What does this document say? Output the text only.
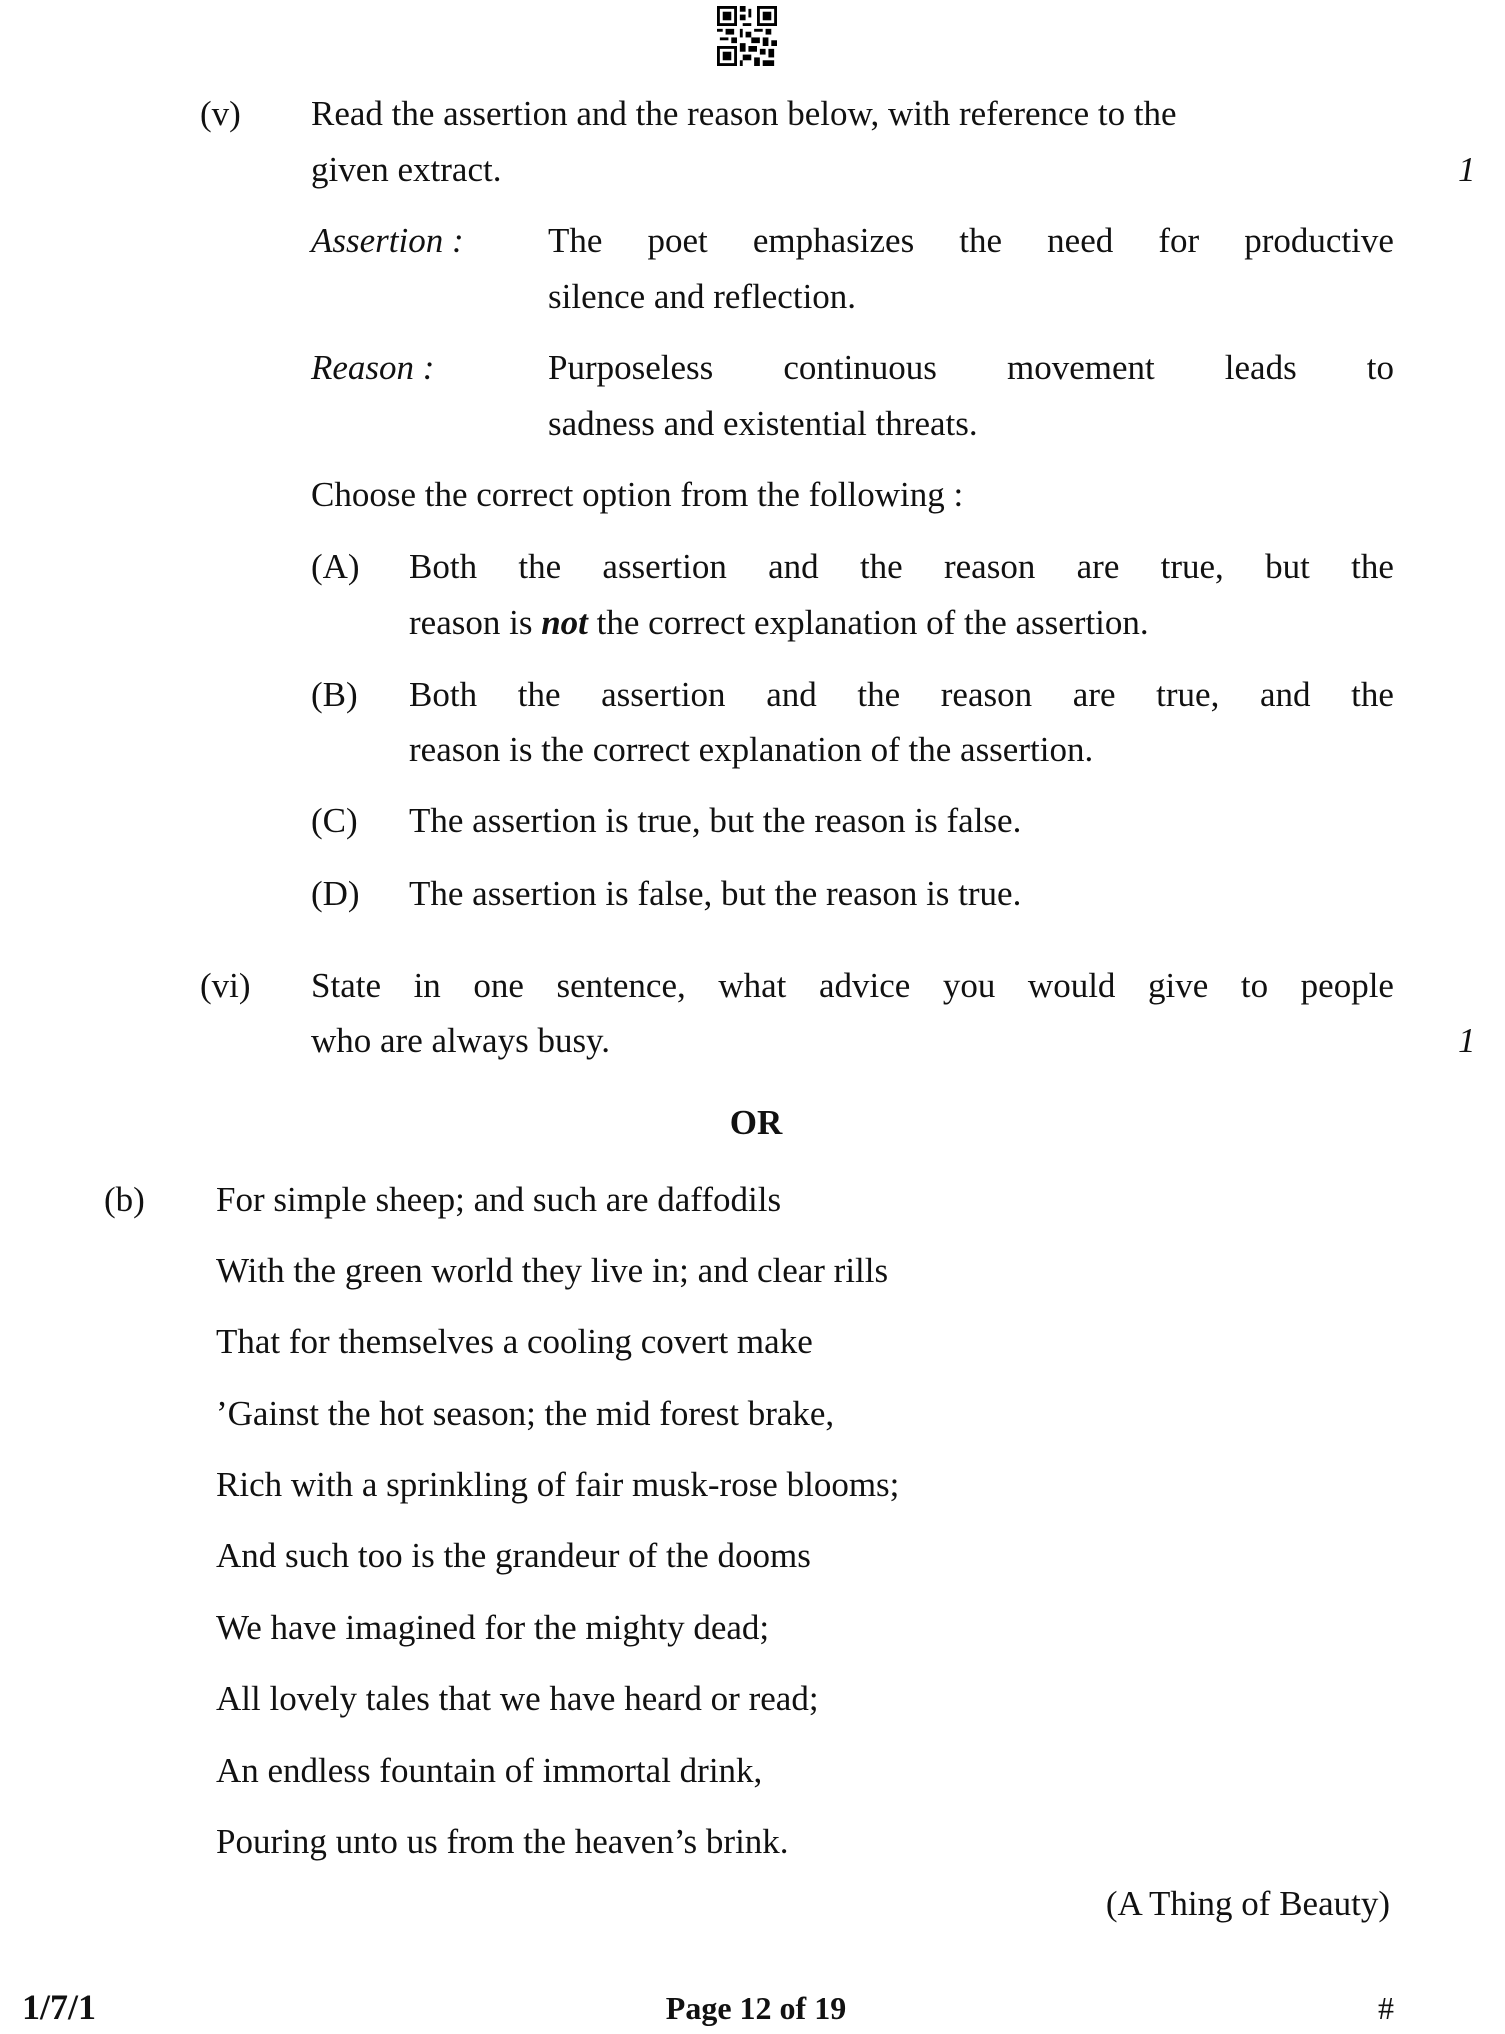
(v) Read the assertion and the reason below, with reference to the
given extract.	1
Assertion : The poet emphasizes the need for productive
silence and reflection.
Reason :	Purposeless continuous movement leads to
sadness and existential threats.
Choose the correct option from the following :
(A) Both the assertion and the reason are true, but the
reason is not the correct explanation of the assertion.
(B) Both the assertion and the reason are true, and the
reason is the correct explanation of the assertion.
(C) The assertion is true, but the reason is false.
(D) The assertion is false, but the reason is true.
(vi) State in one sentence, what advice you would give to people
who are always busy.	1
OR
(b) For simple sheep; and such are daffodils
With the green world they live in; and clear rills
That for themselves a cooling covert make
’Gainst the hot season; the mid forest brake,
Rich with a sprinkling of fair musk-rose blooms;
And such too is the grandeur of the dooms
We have imagined for the mighty dead;
All lovely tales that we have heard or read;
An endless fountain of immortal drink,
Pouring unto us from the heaven’s brink.
(A Thing of Beauty)
1/7/1	Page 12 of 19	#
